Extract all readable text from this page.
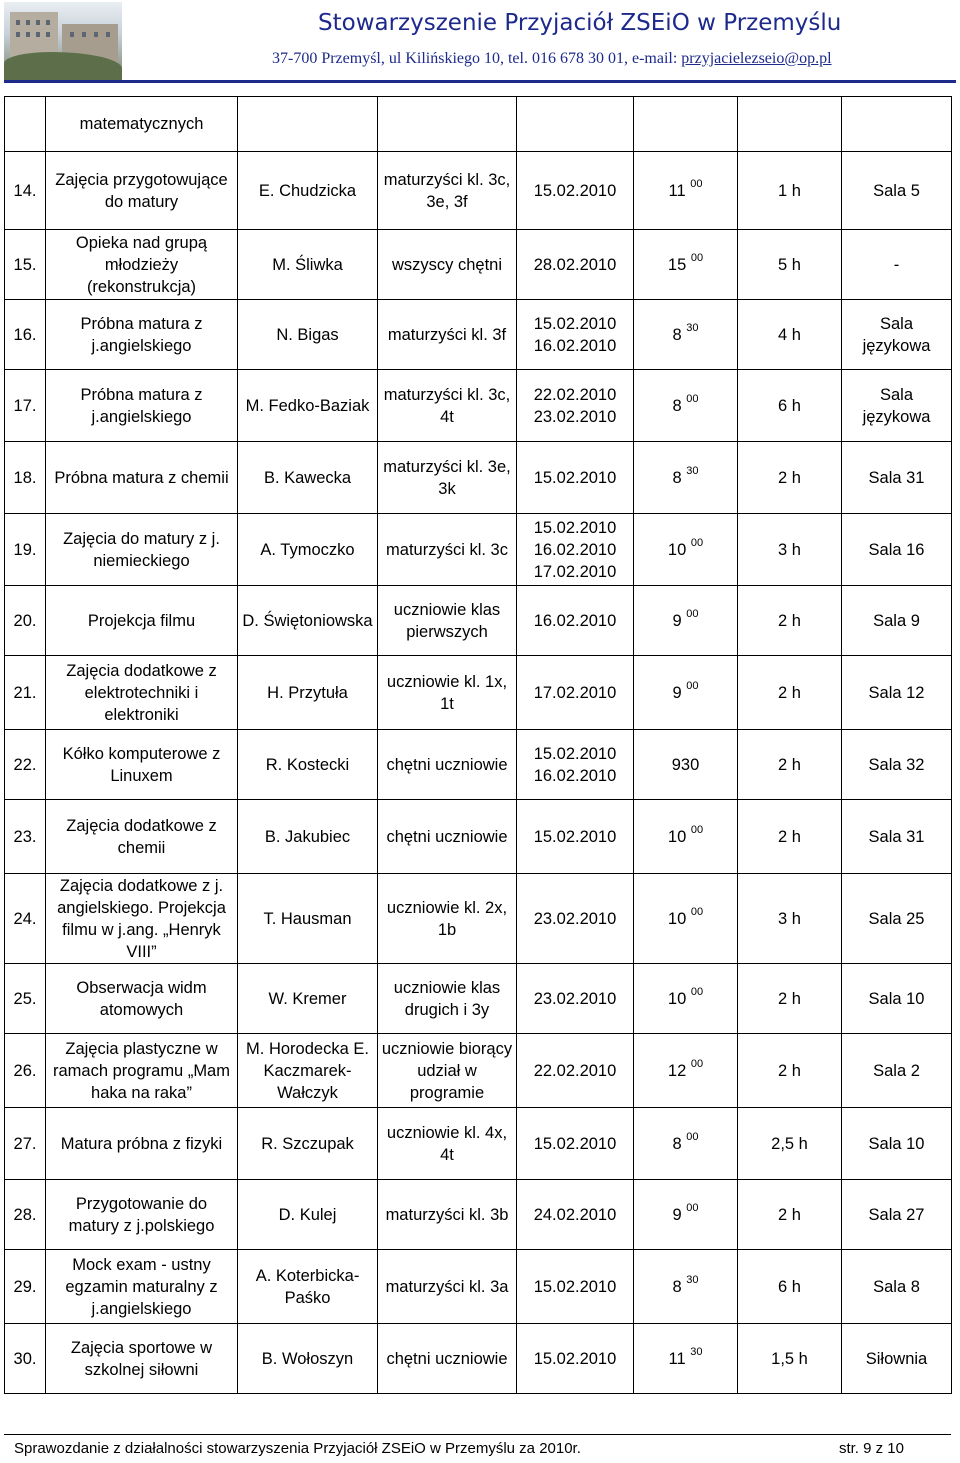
Stowarzyszenie Przyjaciół ZSEiO w Przemyślu
37-700 Przemyśl, ul Kilińskiego 10, tel. 016 678 30 01, e-mail: przyjacielezseio@op.pl
	matematycznych						
14.	Zajęcia przygotowujące do matury	E. Chudzicka	maturzyści kl. 3c, 3e, 3f	15.02.2010	11 $^{00}$	1 h	Sala 5
15.	Opieka nad grupą młodzieży (rekonstrukcja)	M. Śliwka	wszyscy chętni	28.02.2010	15 $^{00}$	5 h	-
16.	Próbna matura z j.angielskiego	N. Bigas	maturzyści kl. 3f	15.02.2010 16.02.2010	8 $^{30}$	4 h	Sala językowa
17.	Próbna matura z j.angielskiego	M. Fedko-Baziak	maturzyści kl. 3c, 4t	22.02.2010 23.02.2010	8 $^{00}$	6 h	Sala językowa
18.	Próbna matura z chemii	B. Kawecka	maturzyści kl. 3e, 3k	15.02.2010	8 $^{30}$	2 h	Sala 31
19.	Zajęcia do matury z j. niemieckiego	A. Tymoczko	maturzyści kl. 3c	15.02.2010 16.02.2010 17.02.2010	10 $^{00}$	3 h	Sala 16
20.	Projekcja filmu	D. Świętoniowska	uczniowie klas pierwszych	16.02.2010	9 $^{00}$	2 h	Sala 9
21.	Zajęcia dodatkowe z elektrotechniki i elektroniki	H. Przytuła	uczniowie kl. 1x, 1t	17.02.2010	9 $^{00}$	2 h	Sala 12
22.	Kółko komputerowe z Linuxem	R. Kostecki	chętni uczniowie	15.02.2010 16.02.2010	930	2 h	Sala 32
23.	Zajęcia dodatkowe z chemii	B. Jakubiec	chętni uczniowie	15.02.2010	10 $^{00}$	2 h	Sala 31
24.	Zajęcia dodatkowe z j. angielskiego. Projekcja filmu w j.ang. „Henryk VIII”	T. Hausman	uczniowie kl. 2x, 1b	23.02.2010	10 $^{00}$	3 h	Sala 25
25.	Obserwacja widm atomowych	W. Kremer	uczniowie klas drugich i 3y	23.02.2010	10 $^{00}$	2 h	Sala 10
26.	Zajęcia plastyczne w ramach programu „Mam haka na raka”	M. Horodecka E. Kaczmarek-Wałczyk	uczniowie biorący udział w programie	22.02.2010	12 $^{00}$	2 h	Sala 2
27.	Matura próbna z fizyki	R. Szczupak	uczniowie kl. 4x, 4t	15.02.2010	8 $^{00}$	2,5 h	Sala 10
28.	Przygotowanie do matury z j.polskiego	D. Kulej	maturzyści kl. 3b	24.02.2010	9 $^{00}$	2 h	Sala 27
29.	Mock exam - ustny egzamin maturalny z j.angielskiego	A. Koterbicka-Paśko	maturzyści kl. 3a	15.02.2010	8 $^{30}$	6 h	Sala 8
30.	Zajęcia sportowe w szkolnej siłowni	B. Wołoszyn	chętni uczniowie	15.02.2010	11 $^{30}$	1,5 h	Siłownia
Sprawozdanie z działalności stowarzyszenia Przyjaciół ZSEiO w Przemyślu za 2010r.	str. 9 z 10
